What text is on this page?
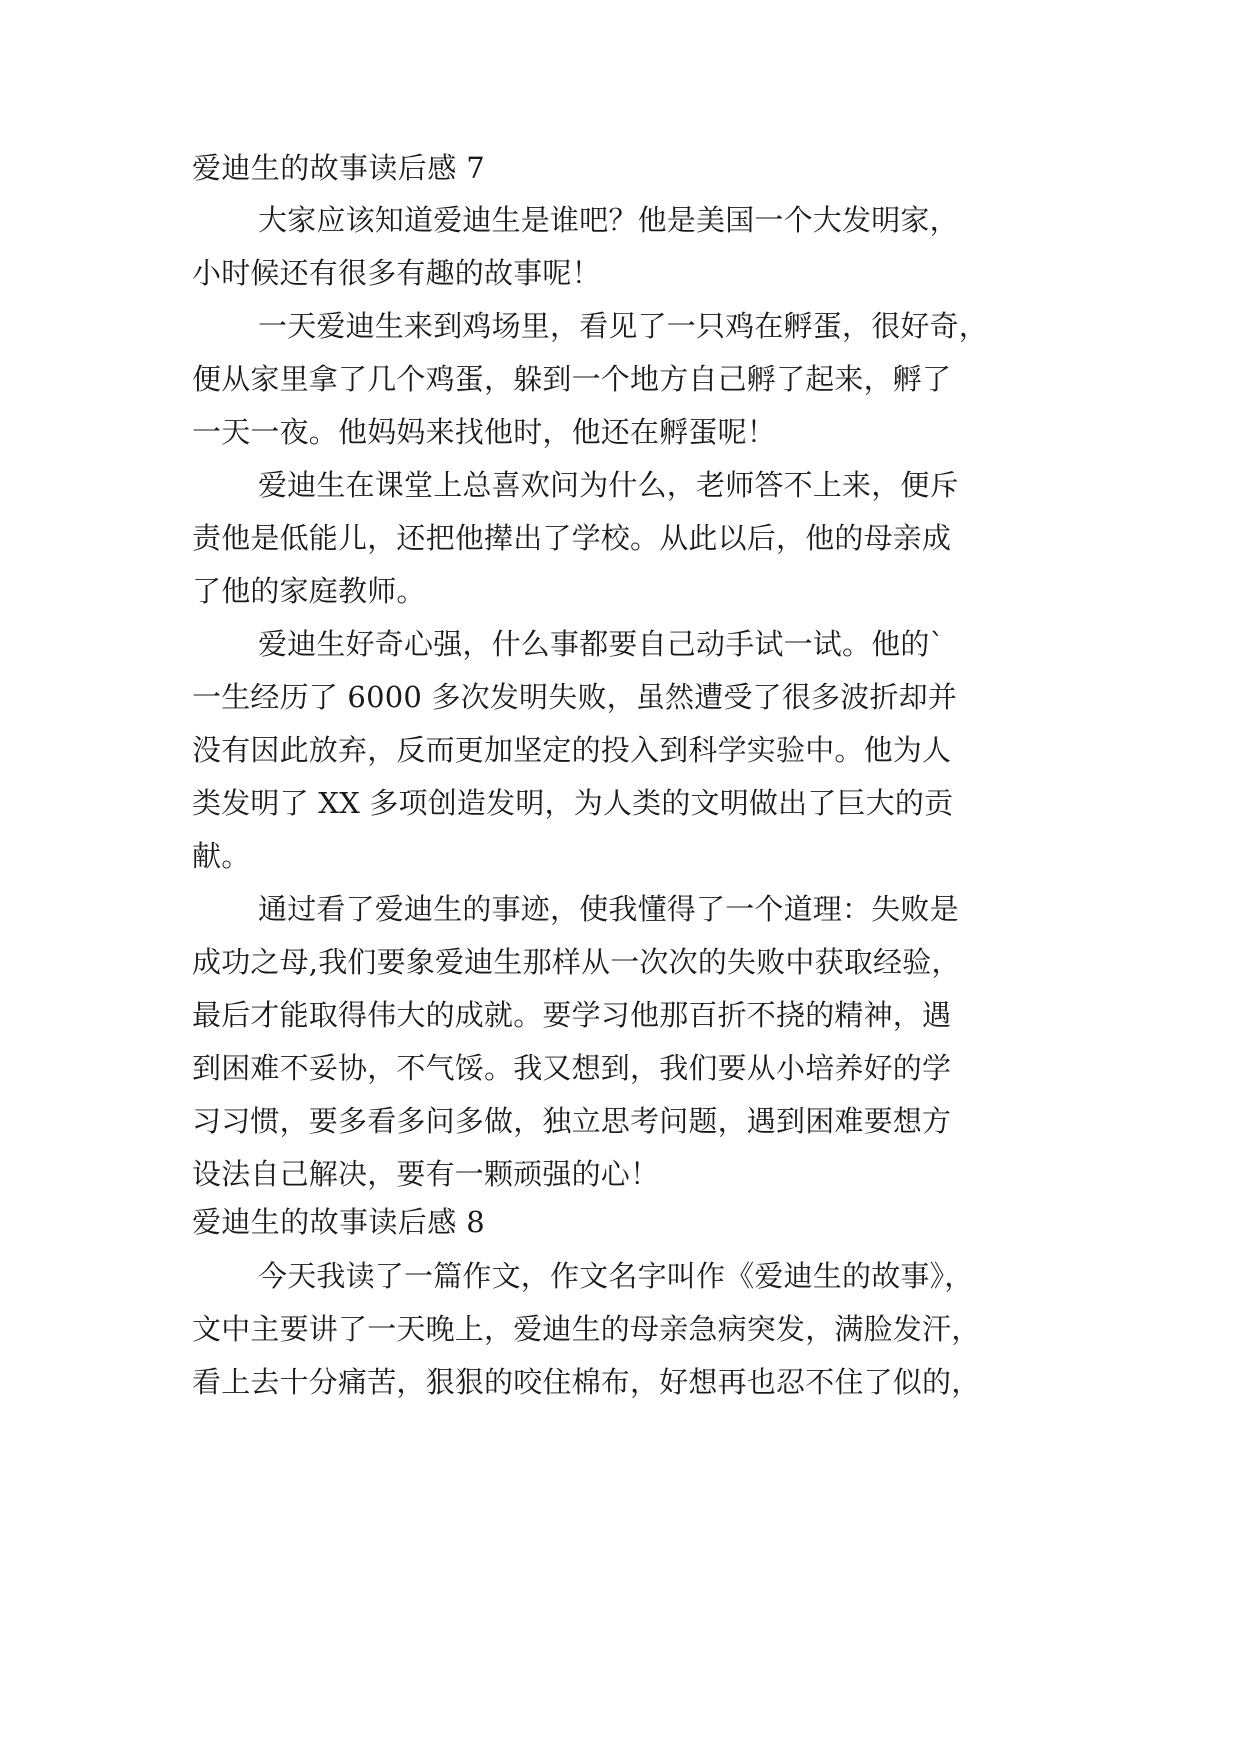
爱迪生的故事读后感 7

大家应该知道爱迪生是谁吧？他是美国一个大发明家，

小时候还有很多有趣的故事呢！

一天爱迪生来到鸡场里，看见了一只鸡在孵蛋，很好奇，

便从家里拿了几个鸡蛋，躲到一个地方自己孵了起来，孵了

一天一夜。他妈妈来找他时，他还在孵蛋呢！

爱迪生在课堂上总喜欢问为什么，老师答不上来，便斥

责他是低能儿，还把他撵出了学校。从此以后，他的母亲成

了他的家庭教师。

爱迪生好奇心强，什么事都要自己动手试一试。他的`

一生经历了 6000 多次发明失败，虽然遭受了很多波折却并

没有因此放弃，反而更加坚定的投入到科学实验中。他为人

类发明了 XX 多项创造发明，为人类的文明做出了巨大的贡

献。

通过看了爱迪生的事迹，使我懂得了一个道理：失败是

成功之母,我们要象爱迪生那样从一次次的失败中获取经验，

最后才能取得伟大的成就。要学习他那百折不挠的精神，遇

到困难不妥协，不气馁。我又想到，我们要从小培养好的学

习习惯，要多看多问多做，独立思考问题，遇到困难要想方

设法自己解决，要有一颗顽强的心！

爱迪生的故事读后感 8

今天我读了一篇作文，作文名字叫作《爱迪生的故事》，

文中主要讲了一天晚上，爱迪生的母亲急病突发，满脸发汗，

看上去十分痛苦，狠狠的咬住棉布，好想再也忍不住了似的，
